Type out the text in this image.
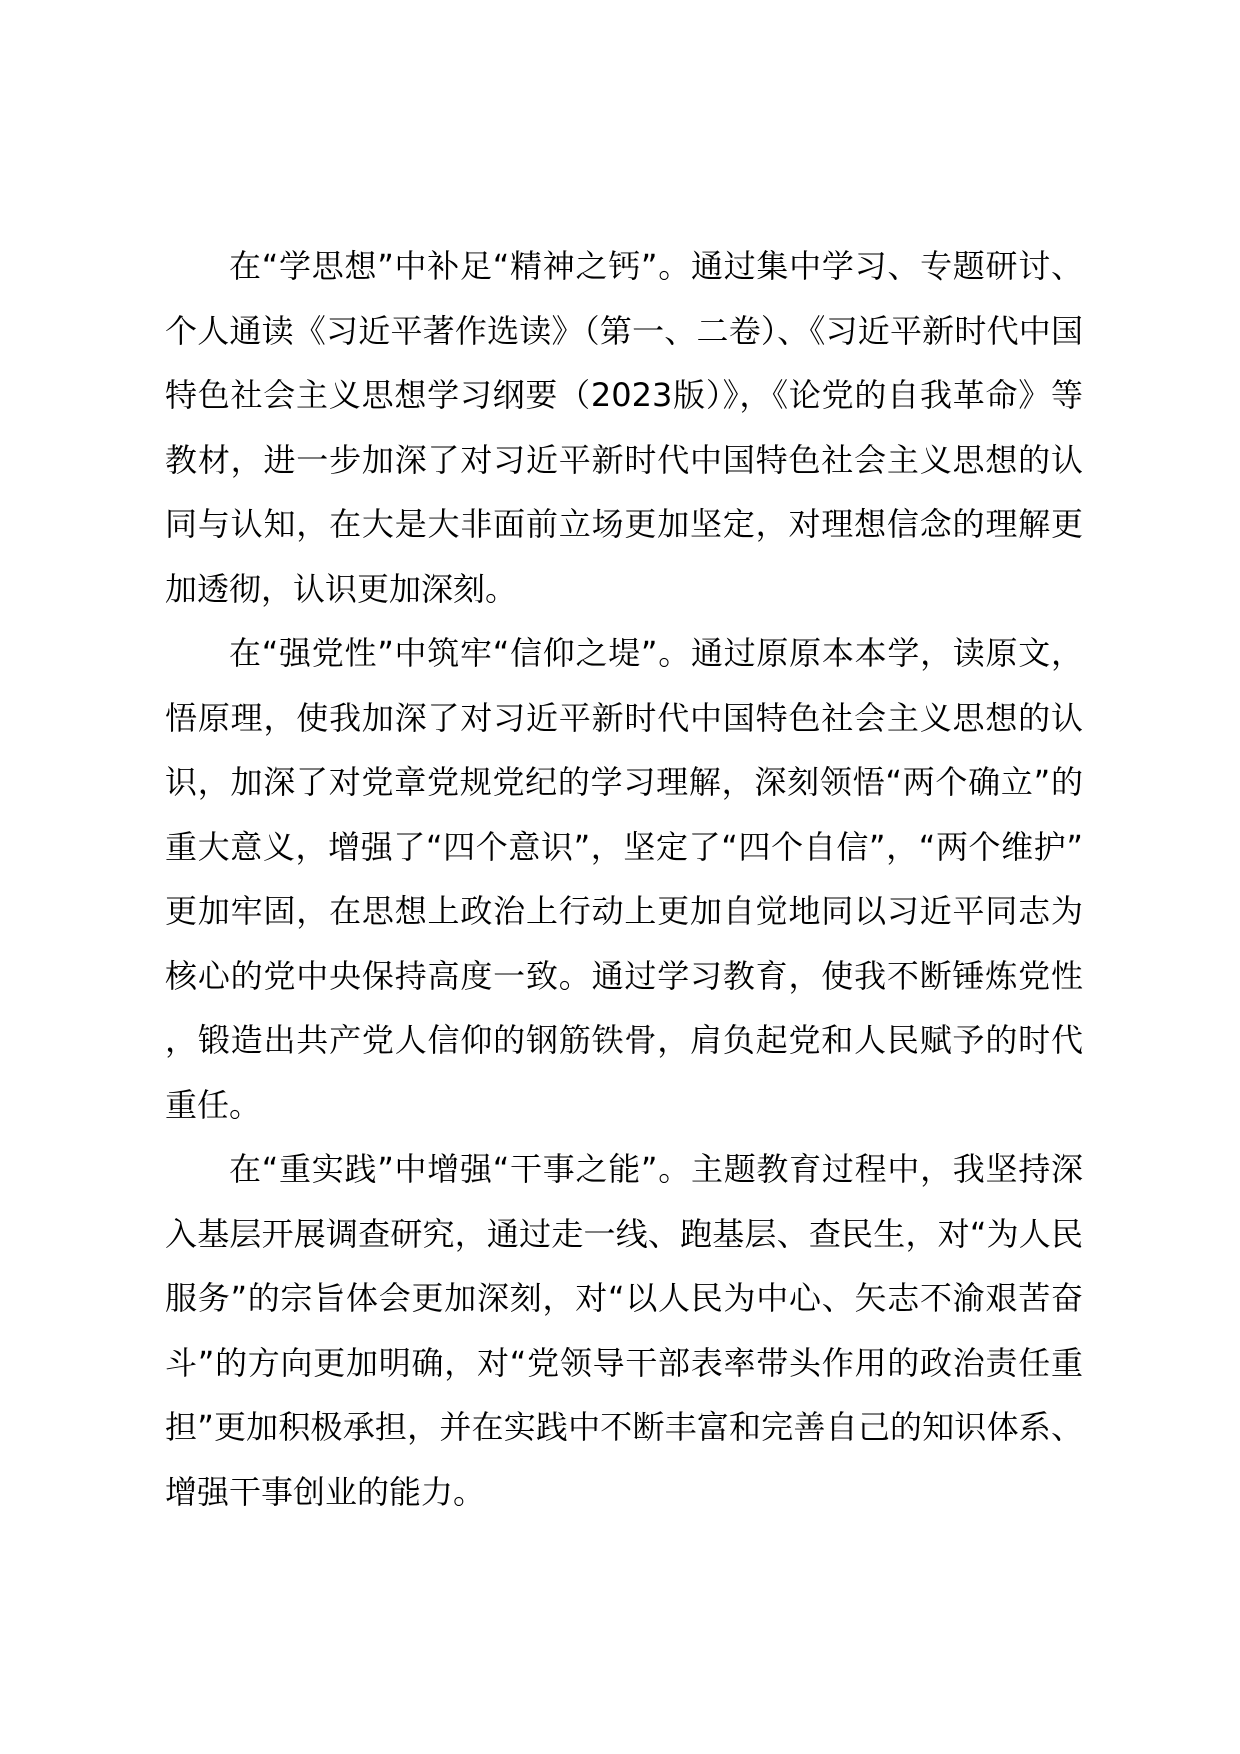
在“学思想”中补足“精神之钙”。通过集中学习、专题研讨、个人通读《习近平著作选读》（第一、二卷）、《习近平新时代中国特色社会主义思想学习纲要（2023版）》，《论党的自我革命》等教材，进一步加深了对习近平新时代中国特色社会主义思想的认同与认知，在大是大非面前立场更加坚定，对理想信念的理解更加透彻，认识更加深刻。

在“强党性”中筑牢“信仰之堤”。通过原原本本学，读原文，悟原理，使我加深了对习近平新时代中国特色社会主义思想的认识，加深了对党章党规党纪的学习理解，深刻领悟“两个确立”的重大意义，增强了“四个意识”，坚定了“四个自信”，“两个维护”更加牢固，在思想上政治上行动上更加自觉地同以习近平同志为核心的党中央保持高度一致。通过学习教育，使我不断锤炼党性，锻造出共产党人信仰的钢筋铁骨，肩负起党和人民赋予的时代重任。

在“重实践”中增强“干事之能”。主题教育过程中，我坚持深入基层开展调查研究，通过走一线、跑基层、查民生，对“为人民服务”的宗旨体会更加深刻，对“以人民为中心、矢志不渝艰苦奋斗”的方向更加明确，对“党领导干部表率带头作用的政治责任重担”更加积极承担，并在实践中不断丰富和完善自己的知识体系、增强干事创业的能力。
